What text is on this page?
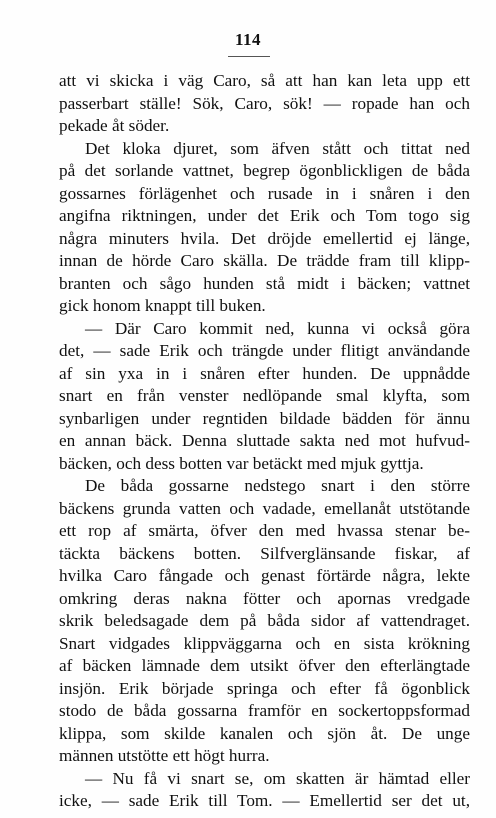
114
att vi skicka i väg Caro, så att han kan leta upp ett
passerbart ställe! Sök, Caro, sök! — ropade han och
pekade åt söder.
Det kloka djuret, som äfven stått och tittat ned
på det sorlande vattnet, begrep ögonblickligen de båda
gossarnes förlägenhet och rusade in i snåren i den
angifna riktningen, under det Erik och Tom togo sig
några minuters hvila. Det dröjde emellertid ej länge,
innan de hörde Caro skälla. De trädde fram till klipp-
branten och sågo hunden stå midt i bäcken; vattnet
gick honom knappt till buken.
— Där Caro kommit ned, kunna vi också göra
det, — sade Erik och trängde under flitigt användande
af sin yxa in i snåren efter hunden. De uppnådde
snart en från venster nedlöpande smal klyfta, som
synbarligen under regntiden bildade bädden för ännu
en annan bäck. Denna sluttade sakta ned mot hufvud-
bäcken, och dess botten var betäckt med mjuk gyttja.
De båda gossarne nedstego snart i den större
bäckens grunda vatten och vadade, emellanåt utstötande
ett rop af smärta, öfver den med hvassa stenar be-
täckta bäckens botten. Silfverglänsande fiskar, af
hvilka Caro fångade och genast förtärde några, lekte
omkring deras nakna fötter och apornas vredgade
skrik beledsagade dem på båda sidor af vattendraget.
Snart vidgades klippväggarna och en sista krökning
af bäcken lämnade dem utsikt öfver den efterlängtade
insjön. Erik började springa och efter få ögonblick
stodo de båda gossarna framför en sockertoppsformad
klippa, som skilde kanalen och sjön åt. De unge
männen utstötte ett högt hurra.
— Nu få vi snart se, om skatten är hämtad eller
icke, — sade Erik till Tom. — Emellertid ser det ut,
